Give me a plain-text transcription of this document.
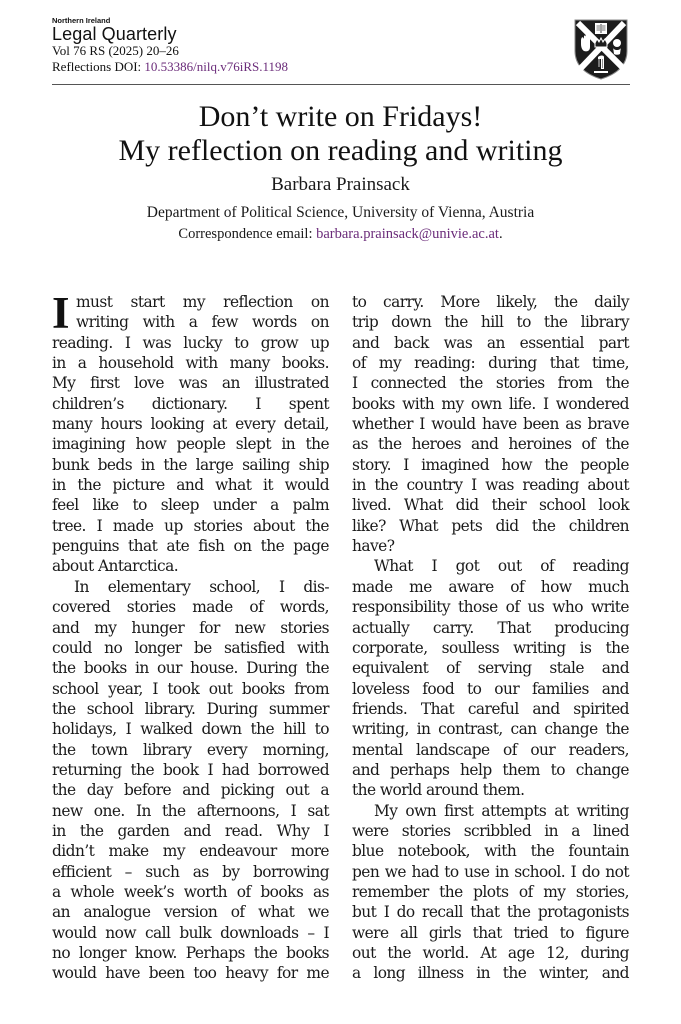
Northern Ireland
Legal Quarterly
Vol 76 RS (2025) 20–26
Reflections DOI: 10.53386/nilq.v76iRS.1198
Don’t write on Fridays!
My reflection on reading and writing
Barbara Prainsack
Department of Political Science, University of Vienna, Austria
Correspondence email: barbara.prainsack@univie.ac.at.
I must start my reflection on
writing with a few words on
reading. I was lucky to grow up
in a household with many books.
My first love was an illustrated
children’s dictionary. I spent
many hours looking at every detail,
imagining how people slept in the
bunk beds in the large sailing ship
in the picture and what it would
feel like to sleep under a palm
tree. I made up stories about the
penguins that ate fish on the page
about Antarctica.
In elementary school, I dis-
covered stories made of words,
and my hunger for new stories
could no longer be satisfied with
the books in our house. During the
school year, I took out books from
the school library. During summer
holidays, I walked down the hill to
the town library every morning,
returning the book I had borrowed
the day before and picking out a
new one. In the afternoons, I sat
in the garden and read. Why I
didn’t make my endeavour more
efficient – such as by borrowing
a whole week’s worth of books as
an analogue version of what we
would now call bulk downloads – I
no longer know. Perhaps the books
would have been too heavy for me
to carry. More likely, the daily
trip down the hill to the library
and back was an essential part
of my reading: during that time,
I connected the stories from the
books with my own life. I wondered
whether I would have been as brave
as the heroes and heroines of the
story. I imagined how the people
in the country I was reading about
lived. What did their school look
like? What pets did the children
have?
What I got out of reading
made me aware of how much
responsibility those of us who write
actually carry. That producing
corporate, soulless writing is the
equivalent of serving stale and
loveless food to our families and
friends. That careful and spirited
writing, in contrast, can change the
mental landscape of our readers,
and perhaps help them to change
the world around them.
My own first attempts at writing
were stories scribbled in a lined
blue notebook, with the fountain
pen we had to use in school. I do not
remember the plots of my stories,
but I do recall that the protagonists
were all girls that tried to figure
out the world. At age 12, during
a long illness in the winter, and
